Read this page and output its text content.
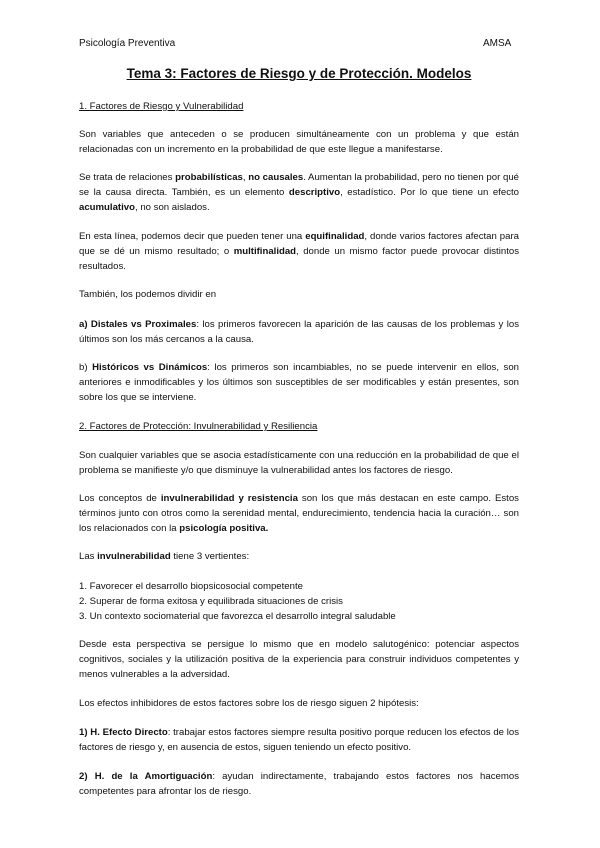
Psicología Preventiva	AMSA
Tema 3: Factores de Riesgo y de Protección. Modelos
1. Factores de Riesgo y Vulnerabilidad
Son variables que anteceden o se producen simultáneamente con un problema y que están relacionadas con un incremento en la probabilidad de que este llegue a manifestarse.
Se trata de relaciones probabilísticas, no causales. Aumentan la probabilidad, pero no tienen por qué se la causa directa. También, es un elemento descriptivo, estadístico. Por lo que tiene un efecto acumulativo, no son aislados.
En esta línea, podemos decir que pueden tener una equifinalidad, donde varios factores afectan para que se dé un mismo resultado; o multifinalidad, donde un mismo factor puede provocar distintos resultados.
También, los podemos dividir en
a) Distales vs Proximales: los primeros favorecen la aparición de las causas de los problemas y los últimos son los más cercanos a la causa.
b) Históricos vs Dinámicos: los primeros son incambiables, no se puede intervenir en ellos, son anteriores e inmodificables y los últimos son susceptibles de ser modificables y están presentes, son sobre los que se interviene.
2. Factores de Protección: Invulnerabilidad y Resiliencia
Son cualquier variables que se asocia estadísticamente con una reducción en la probabilidad de que el problema se manifieste y/o que disminuye la vulnerabilidad antes los factores de riesgo.
Los conceptos de invulnerabilidad y resistencia son los que más destacan en este campo. Estos términos junto con otros como la serenidad mental, endurecimiento, tendencia hacia la curación… son los relacionados con la psicología positiva.
Las invulnerabilidad tiene 3 vertientes:
1. Favorecer el desarrollo biopsicosocial competente
2. Superar de forma exitosa y equilibrada situaciones de crisis
3. Un contexto sociomaterial que favorezca el desarrollo integral saludable
Desde esta perspectiva se persigue lo mismo que en modelo salutogénico: potenciar aspectos cognitivos, sociales y la utilización positiva de la experiencia para construir individuos competentes y menos vulnerables a la adversidad.
Los efectos inhibidores de estos factores sobre los de riesgo siguen 2 hipótesis:
1) H. Efecto Directo: trabajar estos factores siempre resulta positivo porque reducen los efectos de los factores de riesgo y, en ausencia de estos, siguen teniendo un efecto positivo.
2) H. de la Amortiguación: ayudan indirectamente, trabajando estos factores nos hacemos competentes para afrontar los de riesgo.
